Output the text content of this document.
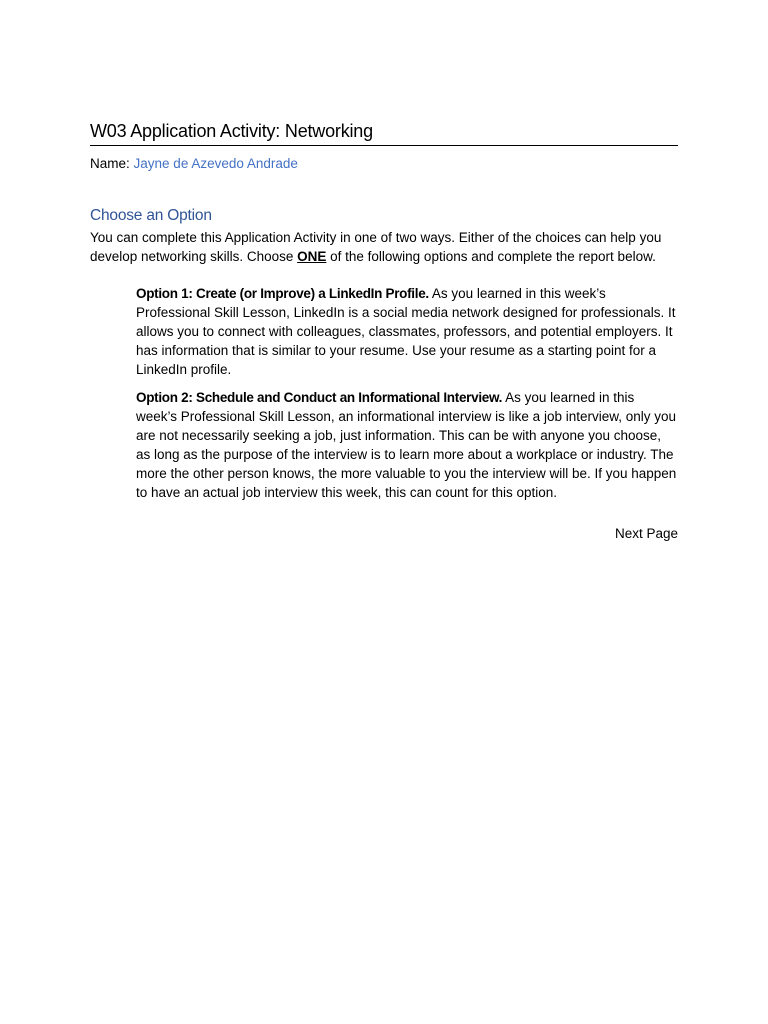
W03 Application Activity: Networking

Name: Jayne de Azevedo Andrade

Choose an Option

You can complete this Application Activity in one of two ways. Either of the choices can help you develop networking skills. Choose ONE of the following options and complete the report below.

Option 1: Create (or Improve) a LinkedIn Profile. As you learned in this week’s Professional Skill Lesson, LinkedIn is a social media network designed for professionals. It allows you to connect with colleagues, classmates, professors, and potential employers. It has information that is similar to your resume. Use your resume as a starting point for a LinkedIn profile.

Option 2: Schedule and Conduct an Informational Interview. As you learned in this week’s Professional Skill Lesson, an informational interview is like a job interview, only you are not necessarily seeking a job, just information. This can be with anyone you choose, as long as the purpose of the interview is to learn more about a workplace or industry. The more the other person knows, the more valuable to you the interview will be. If you happen to have an actual job interview this week, this can count for this option.

Next Page
